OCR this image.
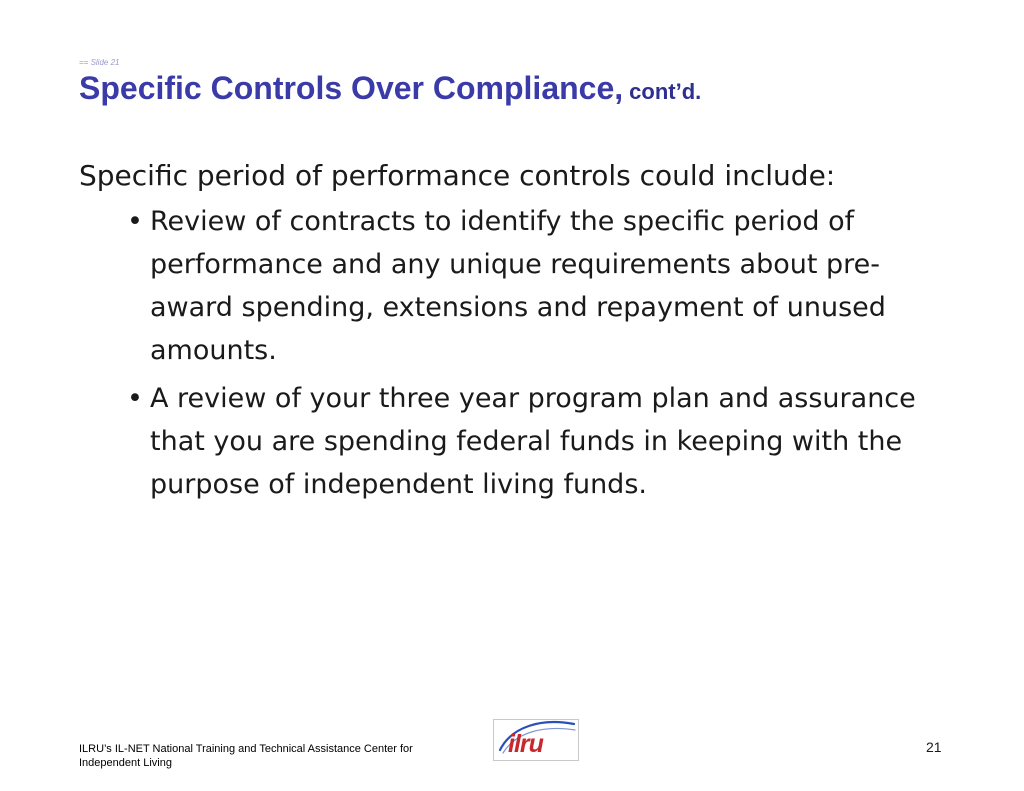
== Slide 21
Specific Controls Over Compliance, cont’d.

Specific period of performance controls could include:

• Review of contracts to identify the specific period of performance and any unique requirements about pre-award spending, extensions and repayment of unused amounts.
• A review of your three year program plan and assurance that you are spending federal funds in keeping with the purpose of independent living funds.
ILRU’s IL-NET National Training and Technical Assistance Center for Independent Living
ilru	21
